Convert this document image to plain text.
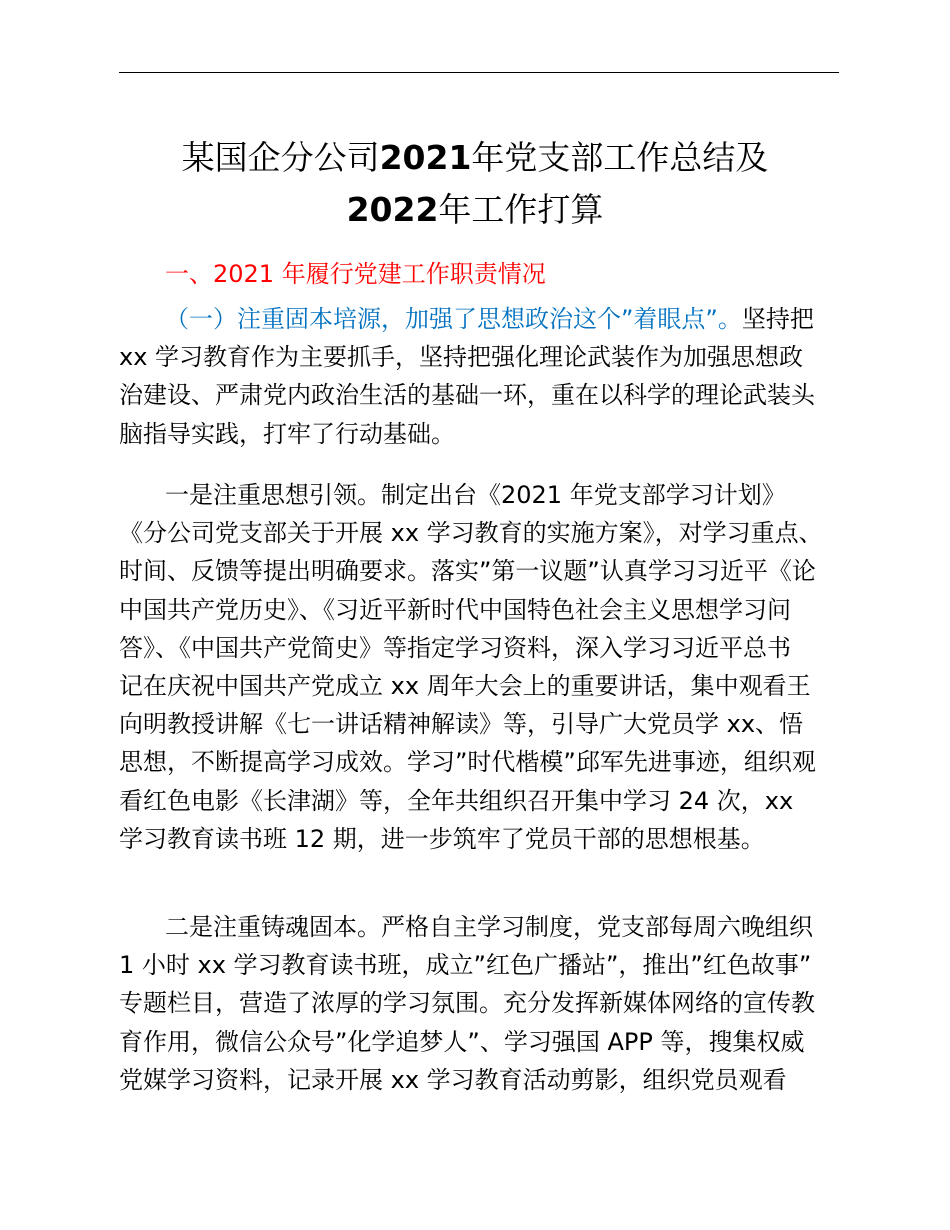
某国企分公司2021年党支部工作总结及
2022年工作打算
一、2021 年履行党建工作职责情况
（一）注重固本培源，加强了思想政治这个”着眼点”。坚持把
xx 学习教育作为主要抓手，坚持把强化理论武装作为加强思想政
治建设、严肃党内政治生活的基础一环，重在以科学的理论武装头
脑指导实践，打牢了行动基础。
一是注重思想引领。制定出台《2021 年党支部学习计划》
《分公司党支部关于开展 xx 学习教育的实施方案》，对学习重点、
时间、反馈等提出明确要求。落实”第一议题”认真学习习近平《论
中国共产党历史》、《习近平新时代中国特色社会主义思想学习问
答》、《中国共产党简史》等指定学习资料，深入学习习近平总书
记在庆祝中国共产党成立 xx 周年大会上的重要讲话，集中观看王
向明教授讲解《七一讲话精神解读》等，引导广大党员学 xx、悟
思想，不断提高学习成效。学习”时代楷模”邱军先进事迹，组织观
看红色电影《长津湖》等，全年共组织召开集中学习 24 次，xx
学习教育读书班 12 期，进一步筑牢了党员干部的思想根基。
二是注重铸魂固本。严格自主学习制度，党支部每周六晚组织
1 小时 xx 学习教育读书班，成立”红色广播站”，推出”红色故事”
专题栏目，营造了浓厚的学习氛围。充分发挥新媒体网络的宣传教
育作用，微信公众号”化学追梦人”、学习强国 APP 等，搜集权威
党媒学习资料，记录开展 xx 学习教育活动剪影，组织党员观看
